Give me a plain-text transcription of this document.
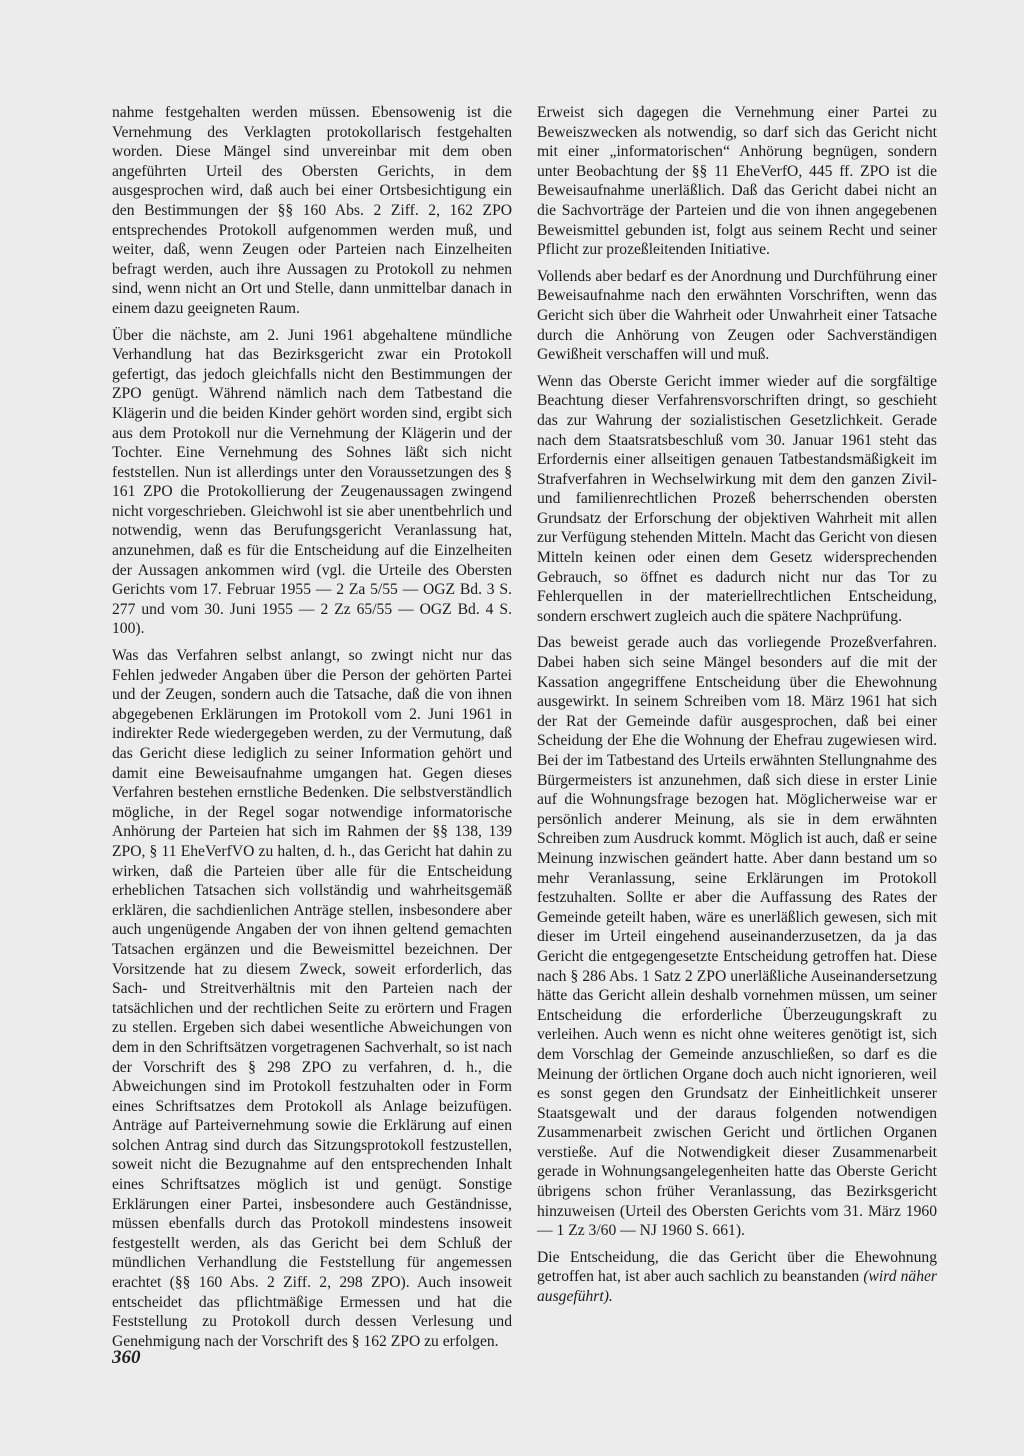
nahme festgehalten werden müssen. Ebensowenig ist die Vernehmung des Verklagten protokollarisch festgehalten worden. Diese Mängel sind unvereinbar mit dem oben angeführten Urteil des Obersten Gerichts, in dem ausgesprochen wird, daß auch bei einer Ortsbesichtigung ein den Bestimmungen der §§ 160 Abs. 2 Ziff. 2, 162 ZPO entsprechendes Protokoll aufgenommen werden muß, und weiter, daß, wenn Zeugen oder Parteien nach Einzelheiten befragt werden, auch ihre Aussagen zu Protokoll zu nehmen sind, wenn nicht an Ort und Stelle, dann unmittelbar danach in einem dazu geeigneten Raum.

Über die nächste, am 2. Juni 1961 abgehaltene mündliche Verhandlung hat das Bezirksgericht zwar ein Protokoll gefertigt, das jedoch gleichfalls nicht den Bestimmungen der ZPO genügt. Während nämlich nach dem Tatbestand die Klägerin und die beiden Kinder gehört worden sind, ergibt sich aus dem Protokoll nur die Vernehmung der Klägerin und der Tochter. Eine Vernehmung des Sohnes läßt sich nicht feststellen. Nun ist allerdings unter den Voraussetzungen des § 161 ZPO die Protokollierung der Zeugenaussagen zwingend nicht vorgeschrieben. Gleichwohl ist sie aber unentbehrlich und notwendig, wenn das Berufungsgericht Veranlassung hat, anzunehmen, daß es für die Entscheidung auf die Einzelheiten der Aussagen ankommen wird (vgl. die Urteile des Obersten Gerichts vom 17. Februar 1955 — 2 Za 5/55 — OGZ Bd. 3 S. 277 und vom 30. Juni 1955 — 2 Zz 65/55 — OGZ Bd. 4 S. 100).

Was das Verfahren selbst anlangt, so zwingt nicht nur das Fehlen jedweder Angaben über die Person der gehörten Partei und der Zeugen, sondern auch die Tatsache, daß die von ihnen abgegebenen Erklärungen im Protokoll vom 2. Juni 1961 in indirekter Rede wiedergegeben werden, zu der Vermutung, daß das Gericht diese lediglich zu seiner Information gehört und damit eine Beweisaufnahme umgangen hat. Gegen dieses Verfahren bestehen ernstliche Bedenken. Die selbstverständlich mögliche, in der Regel sogar notwendige informatorische Anhörung der Parteien hat sich im Rahmen der §§ 138, 139 ZPO, § 11 EheVerfVO zu halten, d. h., das Gericht hat dahin zu wirken, daß die Parteien über alle für die Entscheidung erheblichen Tatsachen sich vollständig und wahrheitsgemäß erklären, die sachdienlichen Anträge stellen, insbesondere aber auch ungenügende Angaben der von ihnen geltend gemachten Tatsachen ergänzen und die Beweismittel bezeichnen. Der Vorsitzende hat zu diesem Zweck, soweit erforderlich, das Sach- und Streitverhältnis mit den Parteien nach der tatsächlichen und der rechtlichen Seite zu erörtern und Fragen zu stellen. Ergeben sich dabei wesentliche Abweichungen von dem in den Schriftsätzen vorgetragenen Sachverhalt, so ist nach der Vorschrift des § 298 ZPO zu verfahren, d. h., die Abweichungen sind im Protokoll festzuhalten oder in Form eines Schriftsatzes dem Protokoll als Anlage beizufügen. Anträge auf Parteivernehmung sowie die Erklärung auf einen solchen Antrag sind durch das Sitzungsprotokoll festzustellen, soweit nicht die Bezugnahme auf den entsprechenden Inhalt eines Schriftsatzes möglich ist und genügt. Sonstige Erklärungen einer Partei, insbesondere auch Geständnisse, müssen ebenfalls durch das Protokoll mindestens insoweit festgestellt werden, als das Gericht bei dem Schluß der mündlichen Verhandlung die Feststellung für angemessen erachtet (§§ 160 Abs. 2 Ziff. 2, 298 ZPO). Auch insoweit entscheidet das pflichtmäßige Ermessen und hat die Feststellung zu Protokoll durch dessen Verlesung und Genehmigung nach der Vorschrift des § 162 ZPO zu erfolgen.

Erweist sich dagegen die Vernehmung einer Partei zu Beweiszwecken als notwendig, so darf sich das Gericht nicht mit einer „informatorischen“ Anhörung begnügen, sondern unter Beobachtung der §§ 11 EheVerfO, 445 ff. ZPO ist die Beweisaufnahme unerläßlich. Daß das Gericht dabei nicht an die Sachvorträge der Parteien und die von ihnen angegebenen Beweismittel gebunden ist, folgt aus seinem Recht und seiner Pflicht zur prozeßleitenden Initiative.

Vollends aber bedarf es der Anordnung und Durchführung einer Beweisaufnahme nach den erwähnten Vorschriften, wenn das Gericht sich über die Wahrheit oder Unwahrheit einer Tatsache durch die Anhörung von Zeugen oder Sachverständigen Gewißheit verschaffen will und muß.

Wenn das Oberste Gericht immer wieder auf die sorgfältige Beachtung dieser Verfahrensvorschriften dringt, so geschieht das zur Wahrung der sozialistischen Gesetzlichkeit. Gerade nach dem Staatsratsbeschluß vom 30. Januar 1961 steht das Erfordernis einer allseitigen genauen Tatbestandsmäßigkeit im Strafverfahren in Wechselwirkung mit dem den ganzen Zivil- und familienrechtlichen Prozeß beherrschenden obersten Grundsatz der Erforschung der objektiven Wahrheit mit allen zur Verfügung stehenden Mitteln. Macht das Gericht von diesen Mitteln keinen oder einen dem Gesetz widersprechenden Gebrauch, so öffnet es dadurch nicht nur das Tor zu Fehlerquellen in der materiellrechtlichen Entscheidung, sondern erschwert zugleich auch die spätere Nachprüfung.

Das beweist gerade auch das vorliegende Prozeßverfahren. Dabei haben sich seine Mängel besonders auf die mit der Kassation angegriffene Entscheidung über die Ehewohnung ausgewirkt. In seinem Schreiben vom 18. März 1961 hat sich der Rat der Gemeinde dafür ausgesprochen, daß bei einer Scheidung der Ehe die Wohnung der Ehefrau zugewiesen wird. Bei der im Tatbestand des Urteils erwähnten Stellungnahme des Bürgermeisters ist anzunehmen, daß sich diese in erster Linie auf die Wohnungsfrage bezogen hat. Möglicherweise war er persönlich anderer Meinung, als sie in dem erwähnten Schreiben zum Ausdruck kommt. Möglich ist auch, daß er seine Meinung inzwischen geändert hatte. Aber dann bestand um so mehr Veranlassung, seine Erklärungen im Protokoll festzuhalten. Sollte er aber die Auffassung des Rates der Gemeinde geteilt haben, wäre es unerläßlich gewesen, sich mit dieser im Urteil eingehend auseinanderzusetzen, da ja das Gericht die entgegengesetzte Entscheidung getroffen hat. Diese nach § 286 Abs. 1 Satz 2 ZPO unerläßliche Auseinandersetzung hätte das Gericht allein deshalb vornehmen müssen, um seiner Entscheidung die erforderliche Überzeugungskraft zu verleihen. Auch wenn es nicht ohne weiteres genötigt ist, sich dem Vorschlag der Gemeinde anzuschließen, so darf es die Meinung der örtlichen Organe doch auch nicht ignorieren, weil es sonst gegen den Grundsatz der Einheitlichkeit unserer Staatsgewalt und der daraus folgenden notwendigen Zusammenarbeit zwischen Gericht und örtlichen Organen verstieße. Auf die Notwendigkeit dieser Zusammenarbeit gerade in Wohnungsangelegenheiten hatte das Oberste Gericht übrigens schon früher Veranlassung, das Bezirksgericht hinzuweisen (Urteil des Obersten Gerichts vom 31. März 1960 — 1 Zz 3/60 — NJ 1960 S. 661).

Die Entscheidung, die das Gericht über die Ehewohnung getroffen hat, ist aber auch sachlich zu beanstanden (wird näher ausgeführt).

360
